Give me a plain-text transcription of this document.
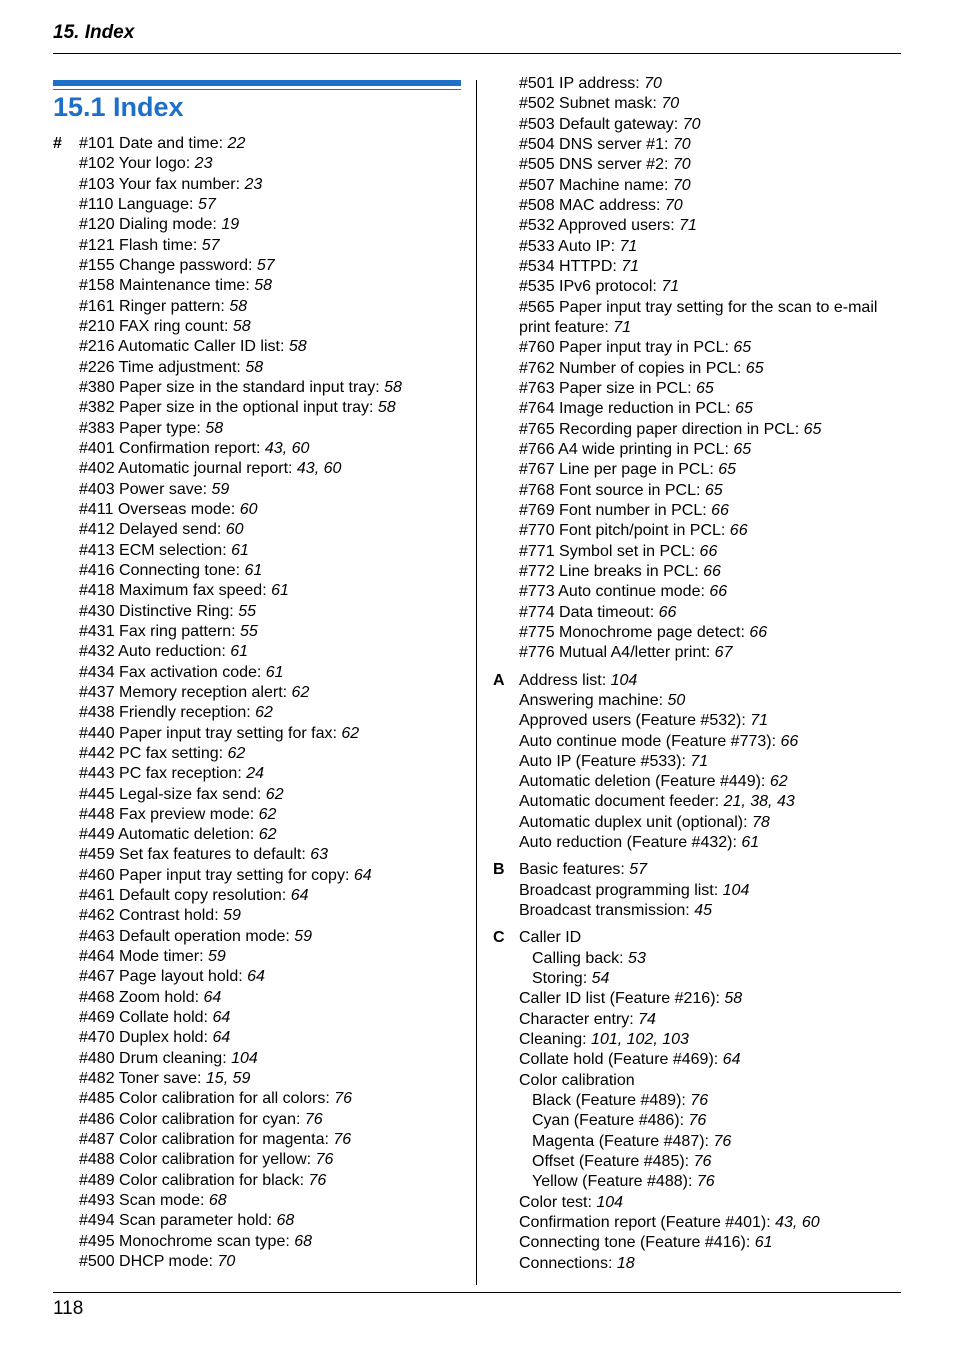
15. Index
15.1 Index
# #101 Date and time: 22
#102 Your logo: 23
#103 Your fax number: 23
#110 Language: 57
#120 Dialing mode: 19
#121 Flash time: 57
#155 Change password: 57
#158 Maintenance time: 58
#161 Ringer pattern: 58
#210 FAX ring count: 58
#216 Automatic Caller ID list: 58
#226 Time adjustment: 58
#380 Paper size in the standard input tray: 58
#382 Paper size in the optional input tray: 58
#383 Paper type: 58
#401 Confirmation report: 43, 60
#402 Automatic journal report: 43, 60
#403 Power save: 59
#411 Overseas mode: 60
#412 Delayed send: 60
#413 ECM selection: 61
#416 Connecting tone: 61
#418 Maximum fax speed: 61
#430 Distinctive Ring: 55
#431 Fax ring pattern: 55
#432 Auto reduction: 61
#434 Fax activation code: 61
#437 Memory reception alert: 62
#438 Friendly reception: 62
#440 Paper input tray setting for fax: 62
#442 PC fax setting: 62
#443 PC fax reception: 24
#445 Legal-size fax send: 62
#448 Fax preview mode: 62
#449 Automatic deletion: 62
#459 Set fax features to default: 63
#460 Paper input tray setting for copy: 64
#461 Default copy resolution: 64
#462 Contrast hold: 59
#463 Default operation mode: 59
#464 Mode timer: 59
#467 Page layout hold: 64
#468 Zoom hold: 64
#469 Collate hold: 64
#470 Duplex hold: 64
#480 Drum cleaning: 104
#482 Toner save: 15, 59
#485 Color calibration for all colors: 76
#486 Color calibration for cyan: 76
#487 Color calibration for magenta: 76
#488 Color calibration for yellow: 76
#489 Color calibration for black: 76
#493 Scan mode: 68
#494 Scan parameter hold: 68
#495 Monochrome scan type: 68
#500 DHCP mode: 70
#501 IP address: 70
#502 Subnet mask: 70
#503 Default gateway: 70
#504 DNS server #1: 70
#505 DNS server #2: 70
#507 Machine name: 70
#508 MAC address: 70
#532 Approved users: 71
#533 Auto IP: 71
#534 HTTPD: 71
#535 IPv6 protocol: 71
#565 Paper input tray setting for the scan to e-mail print feature: 71
#760 Paper input tray in PCL: 65
#762 Number of copies in PCL: 65
#763 Paper size in PCL: 65
#764 Image reduction in PCL: 65
#765 Recording paper direction in PCL: 65
#766 A4 wide printing in PCL: 65
#767 Line per page in PCL: 65
#768 Font source in PCL: 65
#769 Font number in PCL: 66
#770 Font pitch/point in PCL: 66
#771 Symbol set in PCL: 66
#772 Line breaks in PCL: 66
#773 Auto continue mode: 66
#774 Data timeout: 66
#775 Monochrome page detect: 66
#776 Mutual A4/letter print: 67
A Address list: 104
Answering machine: 50
Approved users (Feature #532): 71
Auto continue mode (Feature #773): 66
Auto IP (Feature #533): 71
Automatic deletion (Feature #449): 62
Automatic document feeder: 21, 38, 43
Automatic duplex unit (optional): 78
Auto reduction (Feature #432): 61
B Basic features: 57
Broadcast programming list: 104
Broadcast transmission: 45
C Caller ID
Calling back: 53
Storing: 54
Caller ID list (Feature #216): 58
Character entry: 74
Cleaning: 101, 102, 103
Collate hold (Feature #469): 64
Color calibration
Black (Feature #489): 76
Cyan (Feature #486): 76
Magenta (Feature #487): 76
Offset (Feature #485): 76
Yellow (Feature #488): 76
Color test: 104
Confirmation report (Feature #401): 43, 60
Connecting tone (Feature #416): 61
Connections: 18
118
